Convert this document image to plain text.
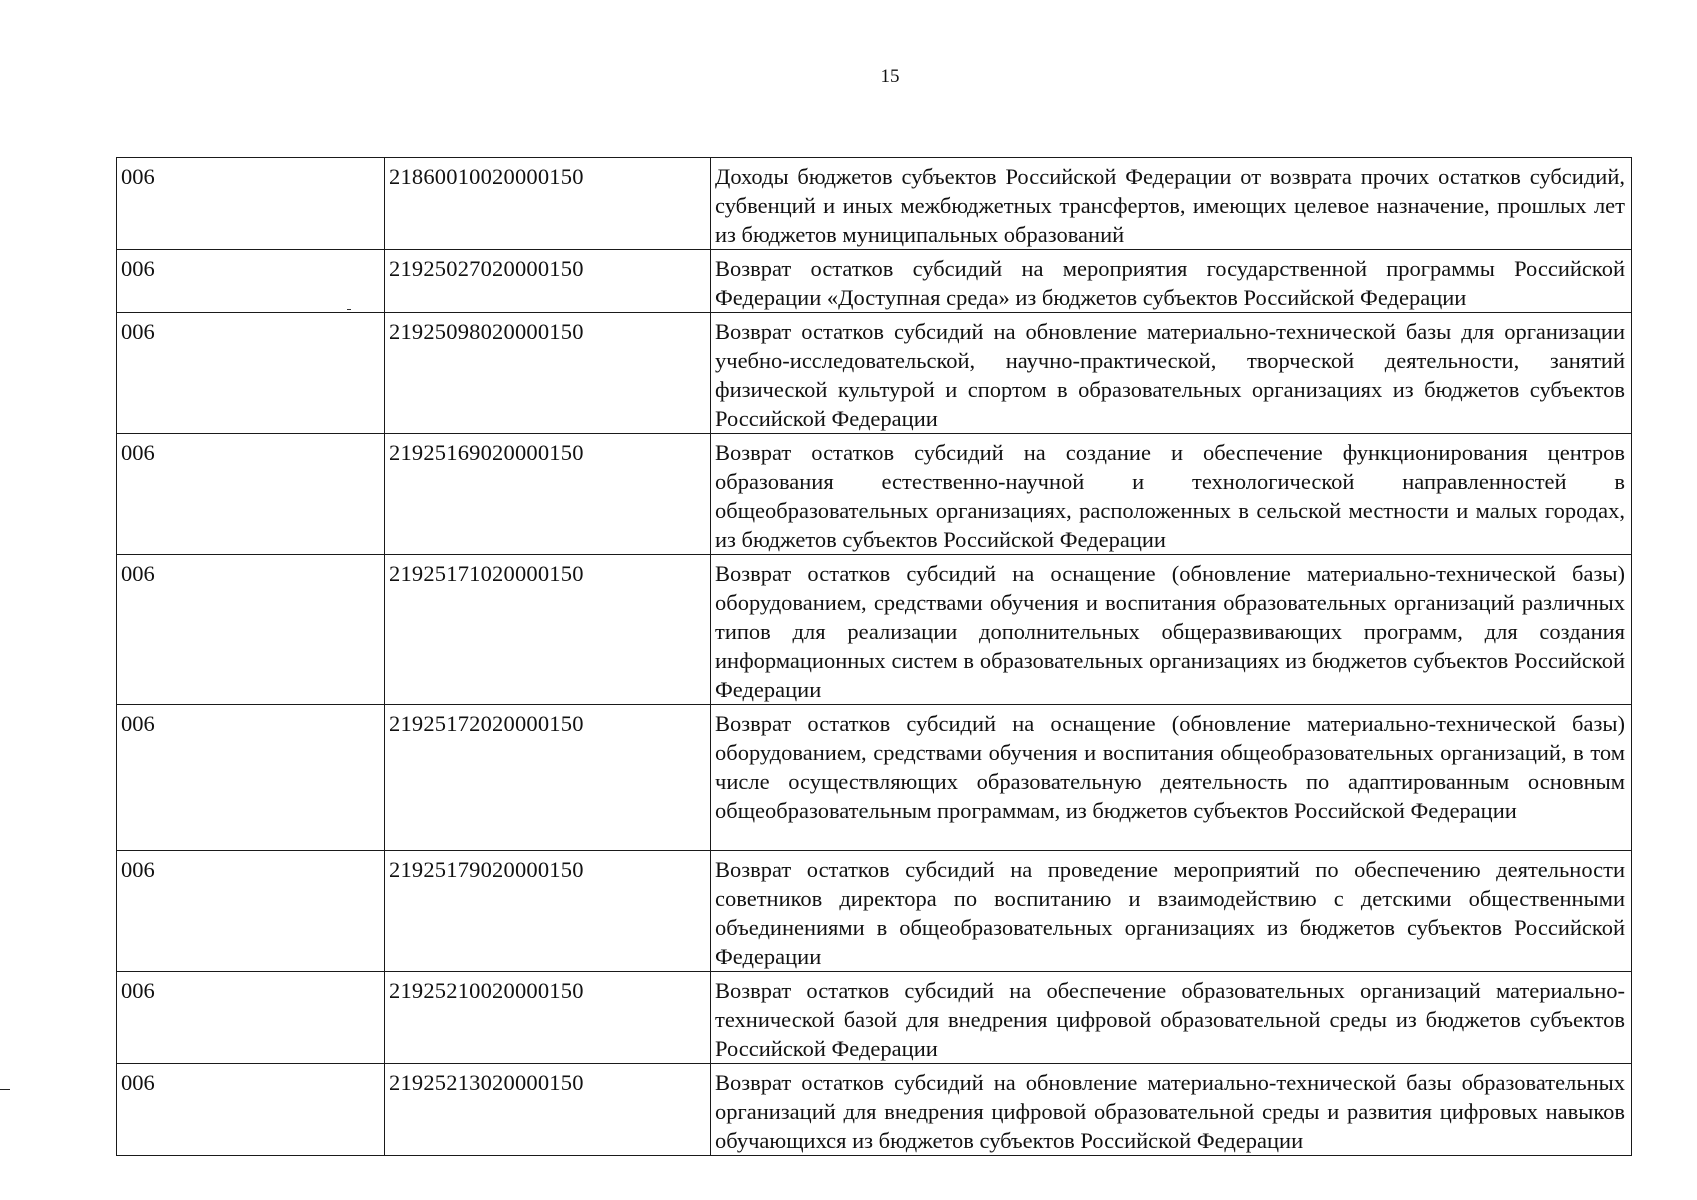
15
006	21860010020000150	Доходы бюджетов субъектов Российской Федерации от возврата прочих остатков субсидий, субвенций и иных межбюджетных трансфертов, имеющих целевое назначение, прошлых лет из бюджетов муниципальных образований
006	21925027020000150	Возврат остатков субсидий на мероприятия государственной программы Российской Федерации «Доступная среда» из бюджетов субъектов Российской Федерации
006	21925098020000150	Возврат остатков субсидий на обновление материально-технической базы для организации учебно-исследовательской, научно-практической, творческой деятельности, занятий физической культурой и спортом в образовательных организациях из бюджетов субъектов Российской Федерации
006	21925169020000150	Возврат остатков субсидий на создание и обеспечение функционирования центров образования естественно-научной и технологической направленностей в общеобразовательных организациях, расположенных в сельской местности и малых городах, из бюджетов субъектов Российской Федерации
006	21925171020000150	Возврат остатков субсидий на оснащение (обновление материально-технической базы) оборудованием, средствами обучения и воспитания образовательных организаций различных типов для реализации дополнительных общеразвивающих программ, для создания информационных систем в образовательных организациях из бюджетов субъектов Российской Федерации
006	21925172020000150	Возврат остатков субсидий на оснащение (обновление материально-технической базы) оборудованием, средствами обучения и воспитания общеобразовательных организаций, в том числе осуществляющих образовательную деятельность по адаптированным основным общеобразовательным программам, из бюджетов субъектов Российской Федерации
006	21925179020000150	Возврат остатков субсидий на проведение мероприятий по обеспечению деятельности советников директора по воспитанию и взаимодействию с детскими общественными объединениями в общеобразовательных организациях из бюджетов субъектов Российской Федерации
006	21925210020000150	Возврат остатков субсидий на обеспечение образовательных организаций материально-технической базой для внедрения цифровой образовательной среды из бюджетов субъектов Российской Федерации
006	21925213020000150	Возврат остатков субсидий на обновление материально-технической базы образовательных организаций для внедрения цифровой образовательной среды и развития цифровых навыков обучающихся из бюджетов субъектов Российской Федерации
